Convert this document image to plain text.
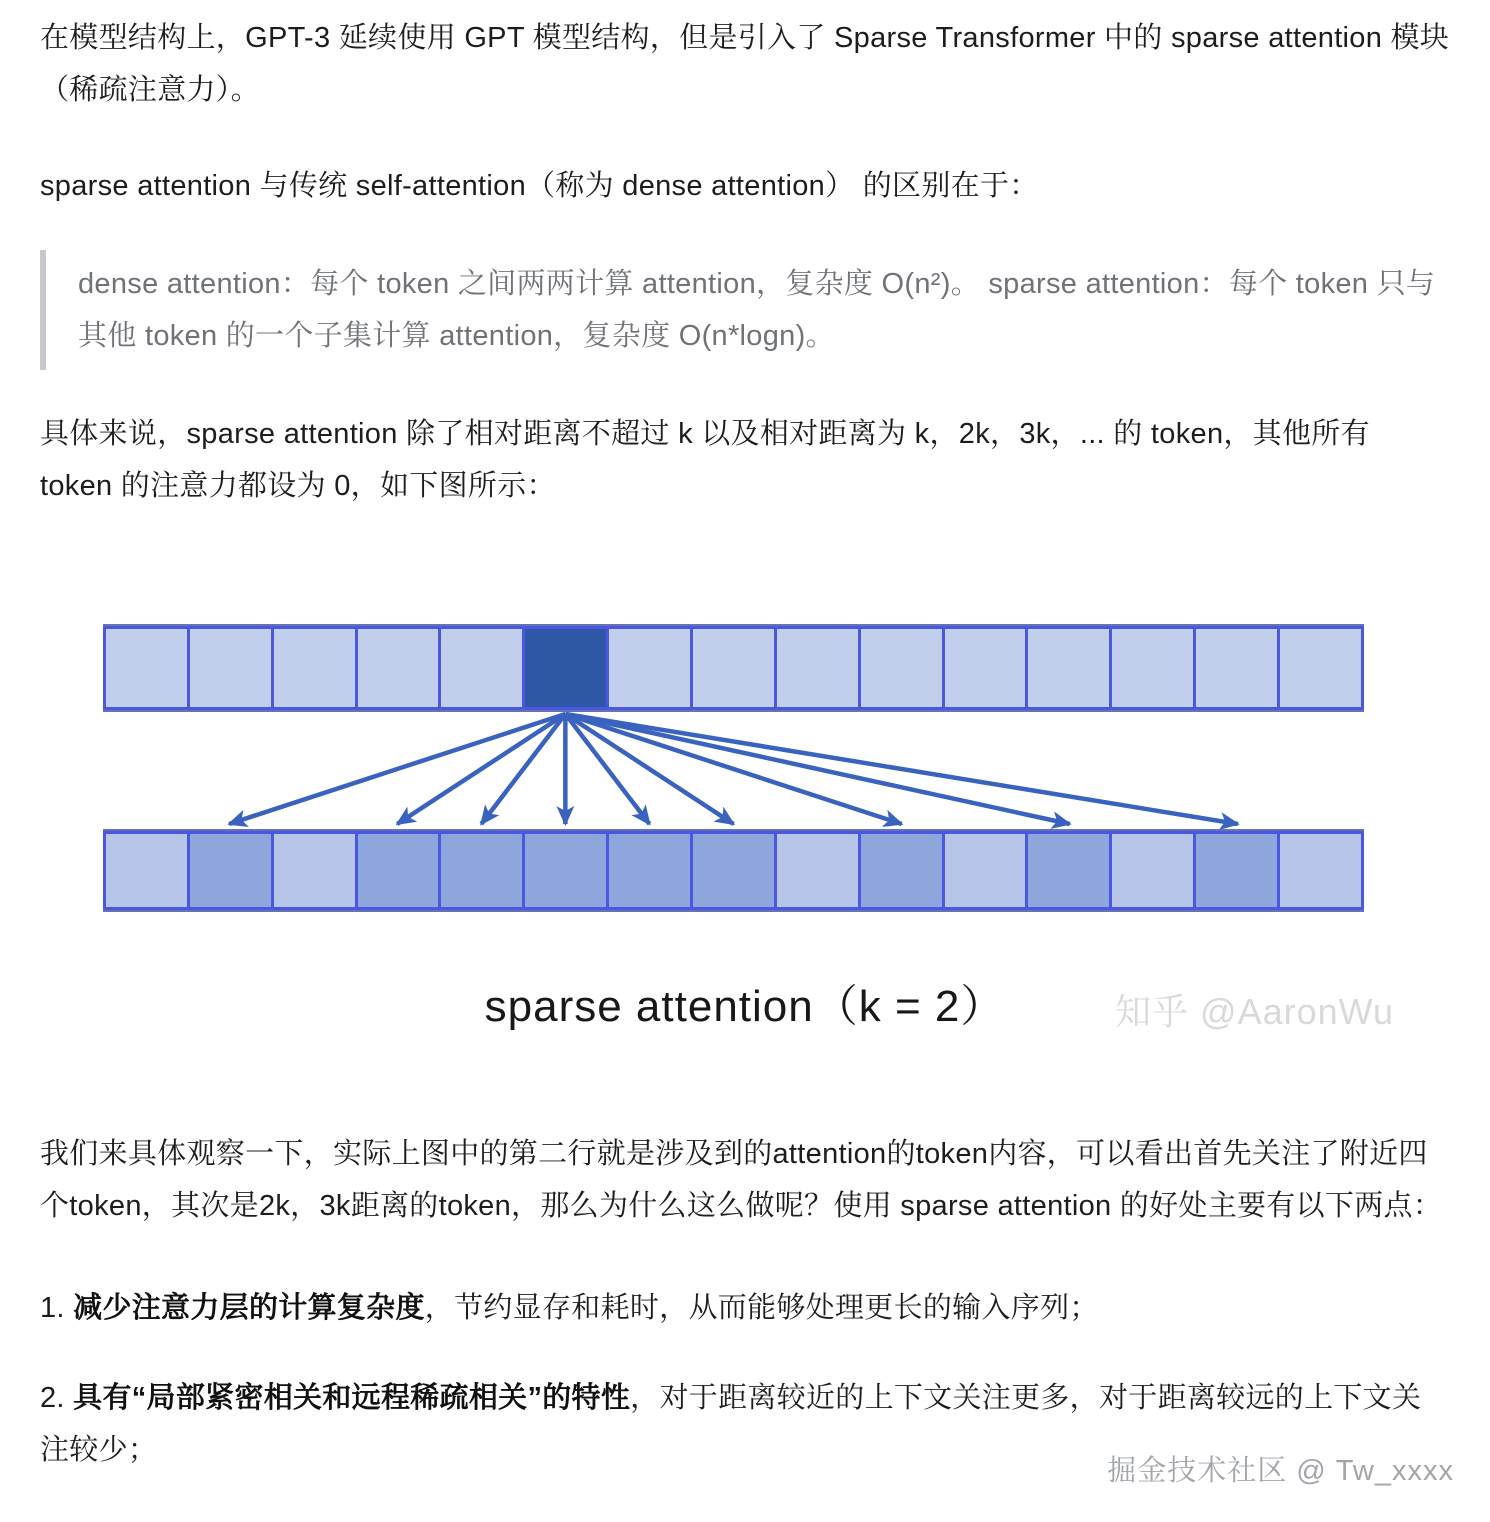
在模型结构上，GPT-3 延续使用 GPT 模型结构，但是引入了 Sparse Transformer 中的 sparse attention 模块（稀疏注意力）。

sparse attention 与传统 self-attention（称为 dense attention） 的区别在于：

dense attention：每个 token 之间两两计算 attention，复杂度 O(n²)。 sparse attention：每个 token 只与其他 token 的一个子集计算 attention，复杂度 O(n*logn)。

具体来说，sparse attention 除了相对距离不超过 k 以及相对距离为 k，2k，3k，... 的 token，其他所有 token 的注意力都设为 0，如下图所示：

sparse attention（k = 2）	知乎 @AaronWu

我们来具体观察一下，实际上图中的第二行就是涉及到的attention的token内容，可以看出首先关注了附近四个token，其次是2k，3k距离的token，那么为什么这么做呢？使用 sparse attention 的好处主要有以下两点：

1. 减少注意力层的计算复杂度，节约显存和耗时，从而能够处理更长的输入序列；

2. 具有“局部紧密相关和远程稀疏相关”的特性，对于距离较近的上下文关注更多，对于距离较远的上下文关注较少；

掘金技术社区 @ Tw_xxxx
